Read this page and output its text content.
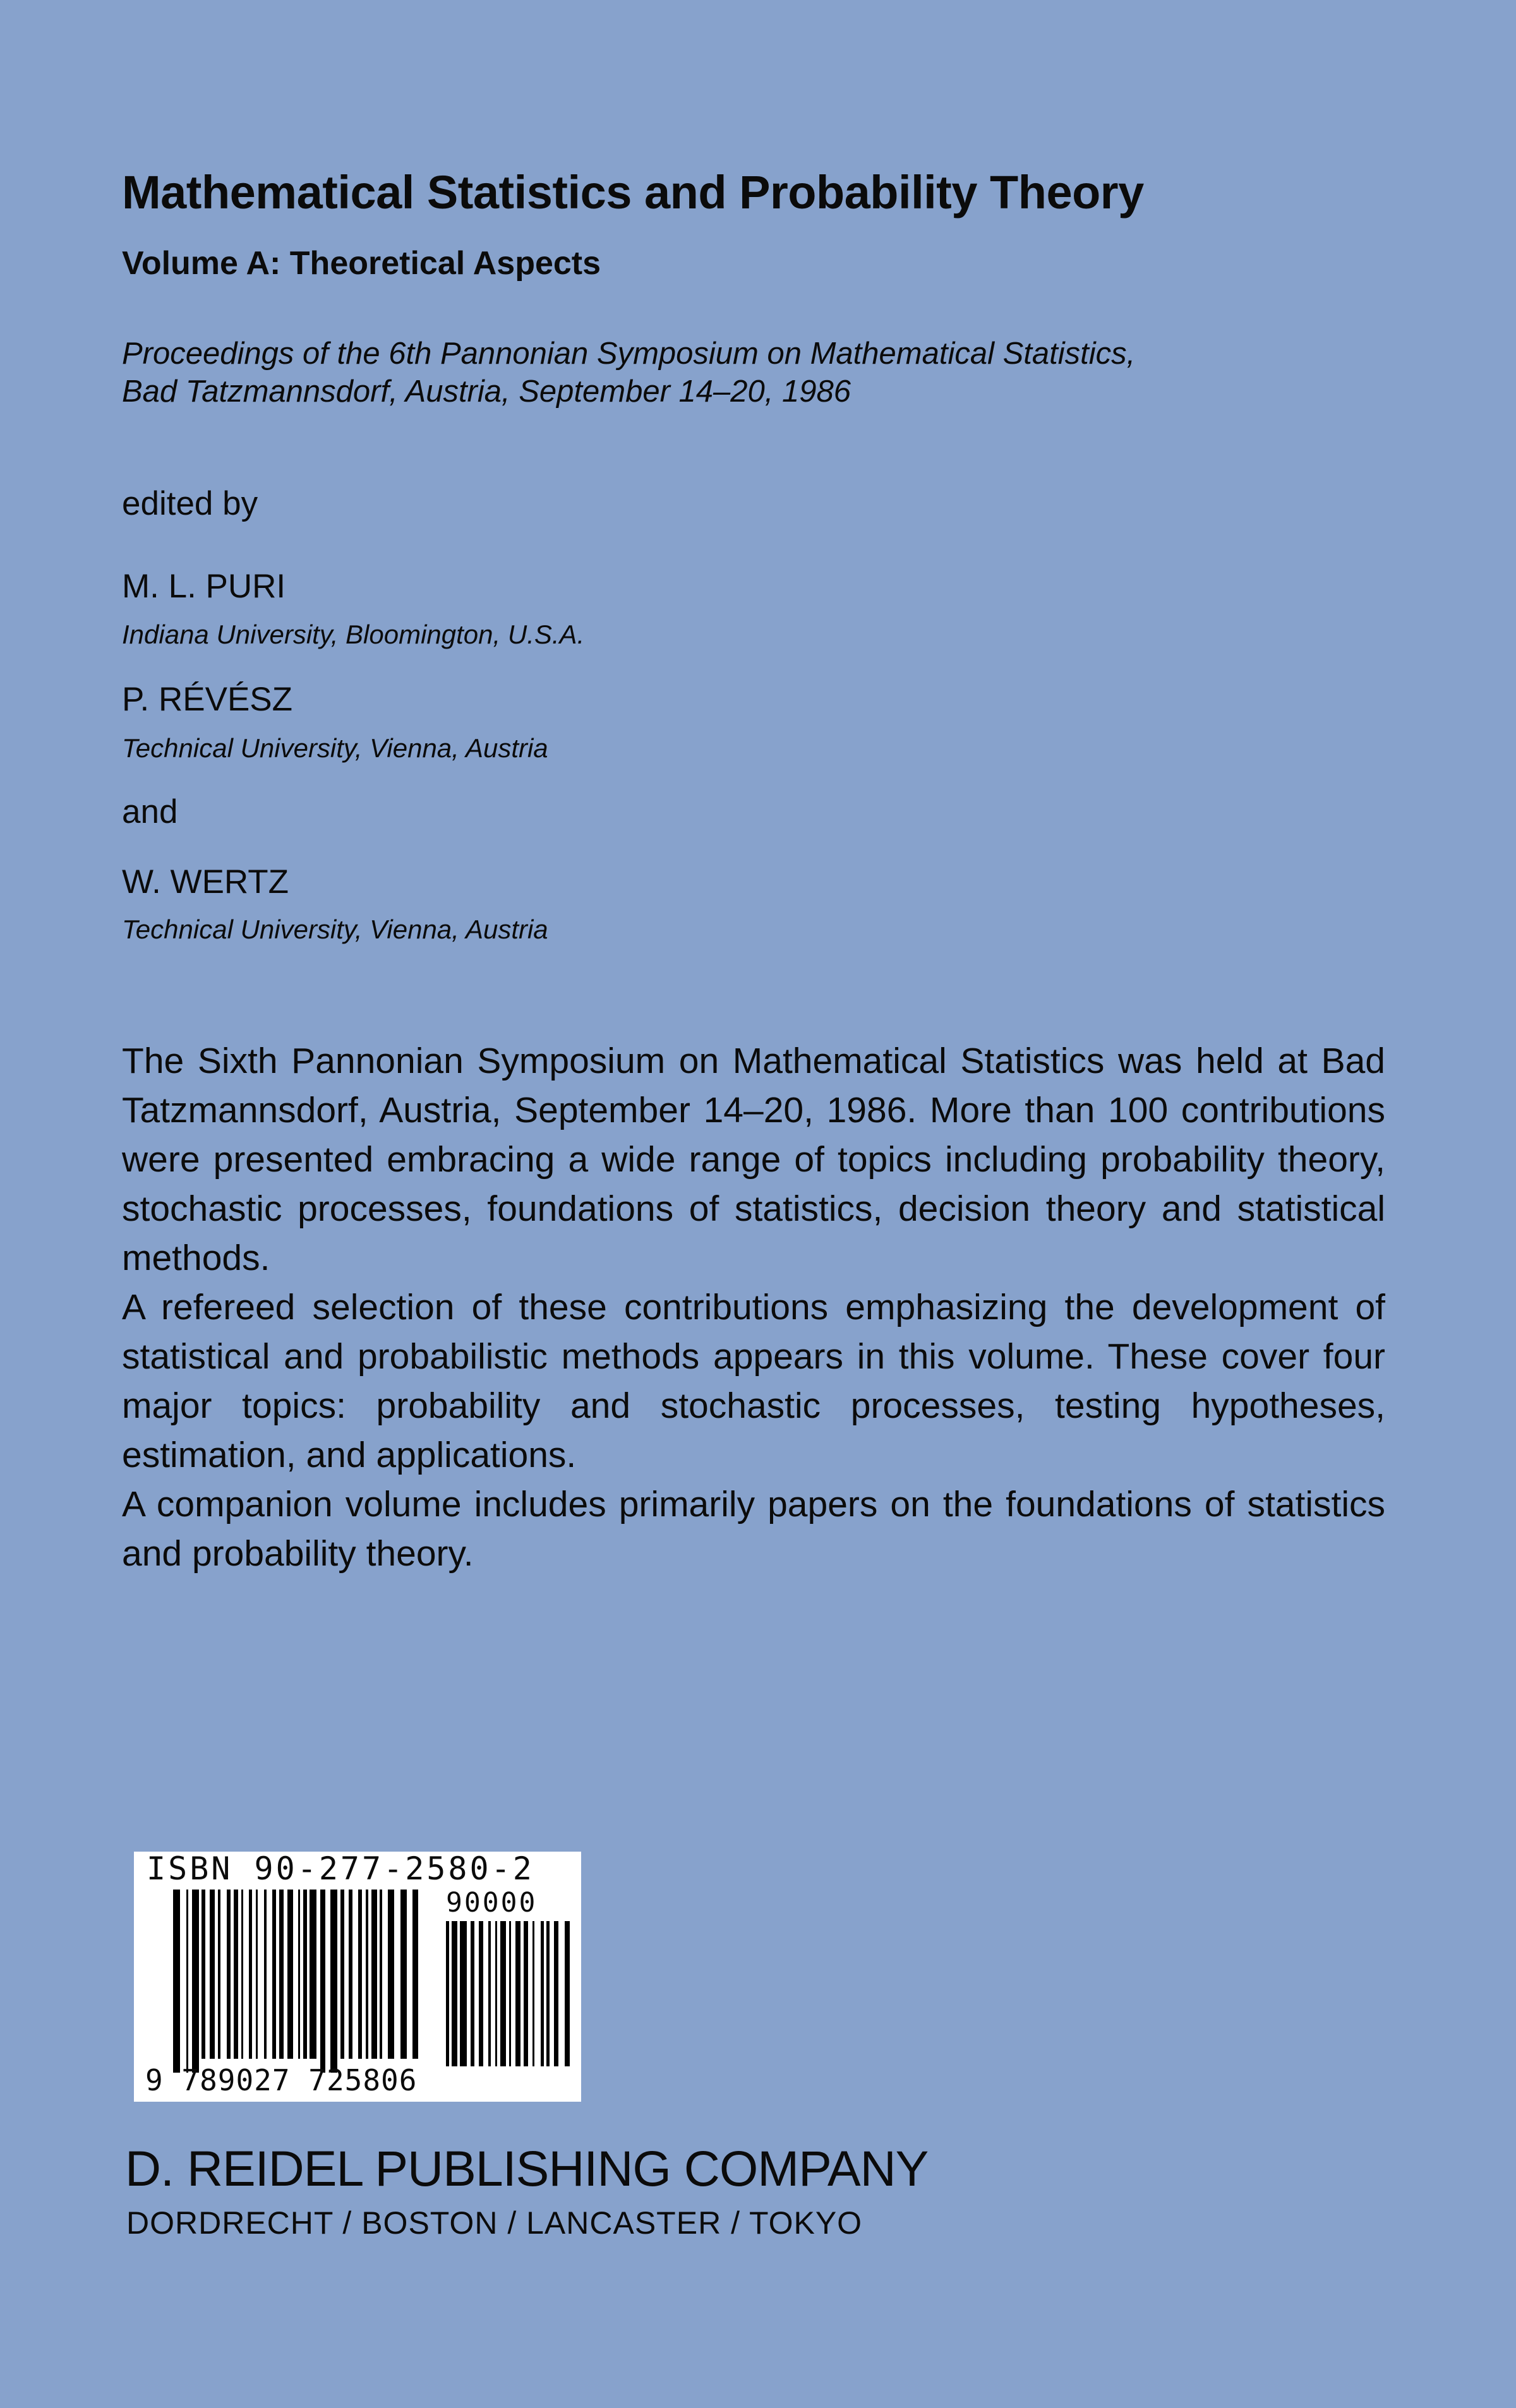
Mathematical Statistics and Probability Theory
Volume A: Theoretical Aspects
Proceedings of the 6th Pannonian Symposium on Mathematical Statistics,
Bad Tatzmannsdorf, Austria, September 14–20, 1986
edited by
M. L. PURI
Indiana University, Bloomington, U.S.A.
P. RÉVÉSZ
Technical University, Vienna, Austria
and
W. WERTZ
Technical University, Vienna, Austria

The Sixth Pannonian Symposium on Mathematical Statistics was held at Bad Tatzmannsdorf, Austria, September 14–20, 1986. More than 100 contributions were presented embracing a wide range of topics including probability theory, stochastic processes, foundations of statistics, decision theory and statistical methods.

A refereed selection of these contributions emphasizing the development of statistical and probabilistic methods appears in this volume. These cover four major topics: probability and stochastic processes, testing hypotheses, estimation, and applications.

A companion volume includes primarily papers on the foundations of statistics and probability theory.

ISBN 90-277-2580-2
90000
9 789027 725806
D. REIDEL PUBLISHING COMPANY
DORDRECHT / BOSTON / LANCASTER / TOKYO
